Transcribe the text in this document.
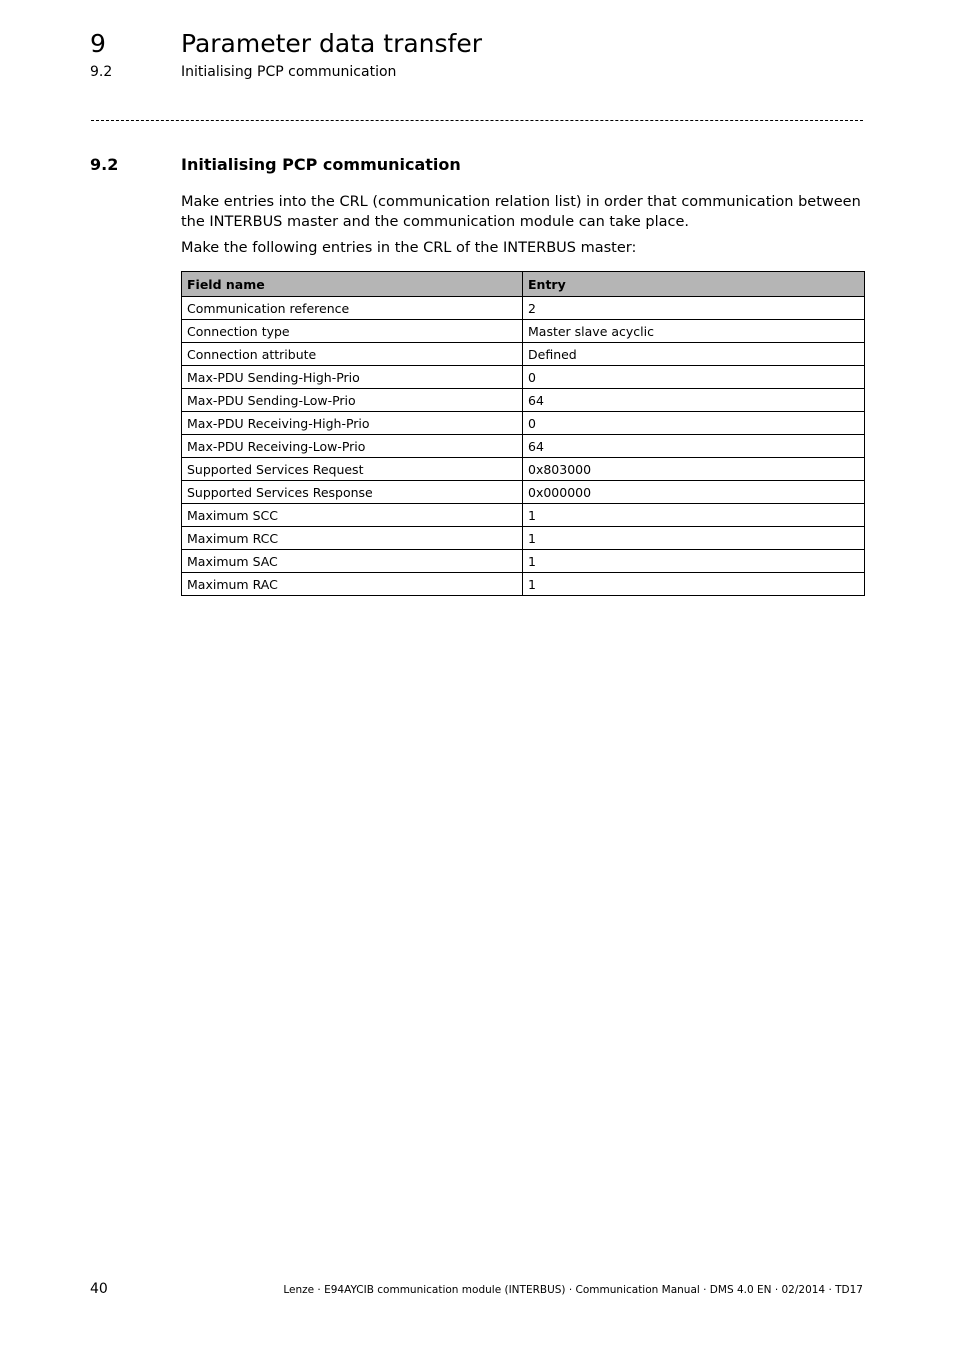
9	Parameter data transfer
9.2	Initialising PCP communication
9.2	Initialising PCP communication

Make entries into the CRL (communication relation list) in order that communication between the INTERBUS master and the communication module can take place.

Make the following entries in the CRL of the INTERBUS master:

Field name	Entry
Communication reference	2
Connection type	Master slave acyclic
Connection attribute	Defined
Max-PDU Sending-High-Prio	0
Max-PDU Sending-Low-Prio	64
Max-PDU Receiving-High-Prio	0
Max-PDU Receiving-Low-Prio	64
Supported Services Request	0x803000
Supported Services Response	0x000000
Maximum SCC	1
Maximum RCC	1
Maximum SAC	1
Maximum RAC	1
40	Lenze · E94AYCIB communication module (INTERBUS) · Communication Manual · DMS 4.0 EN · 02/2014 · TD17
